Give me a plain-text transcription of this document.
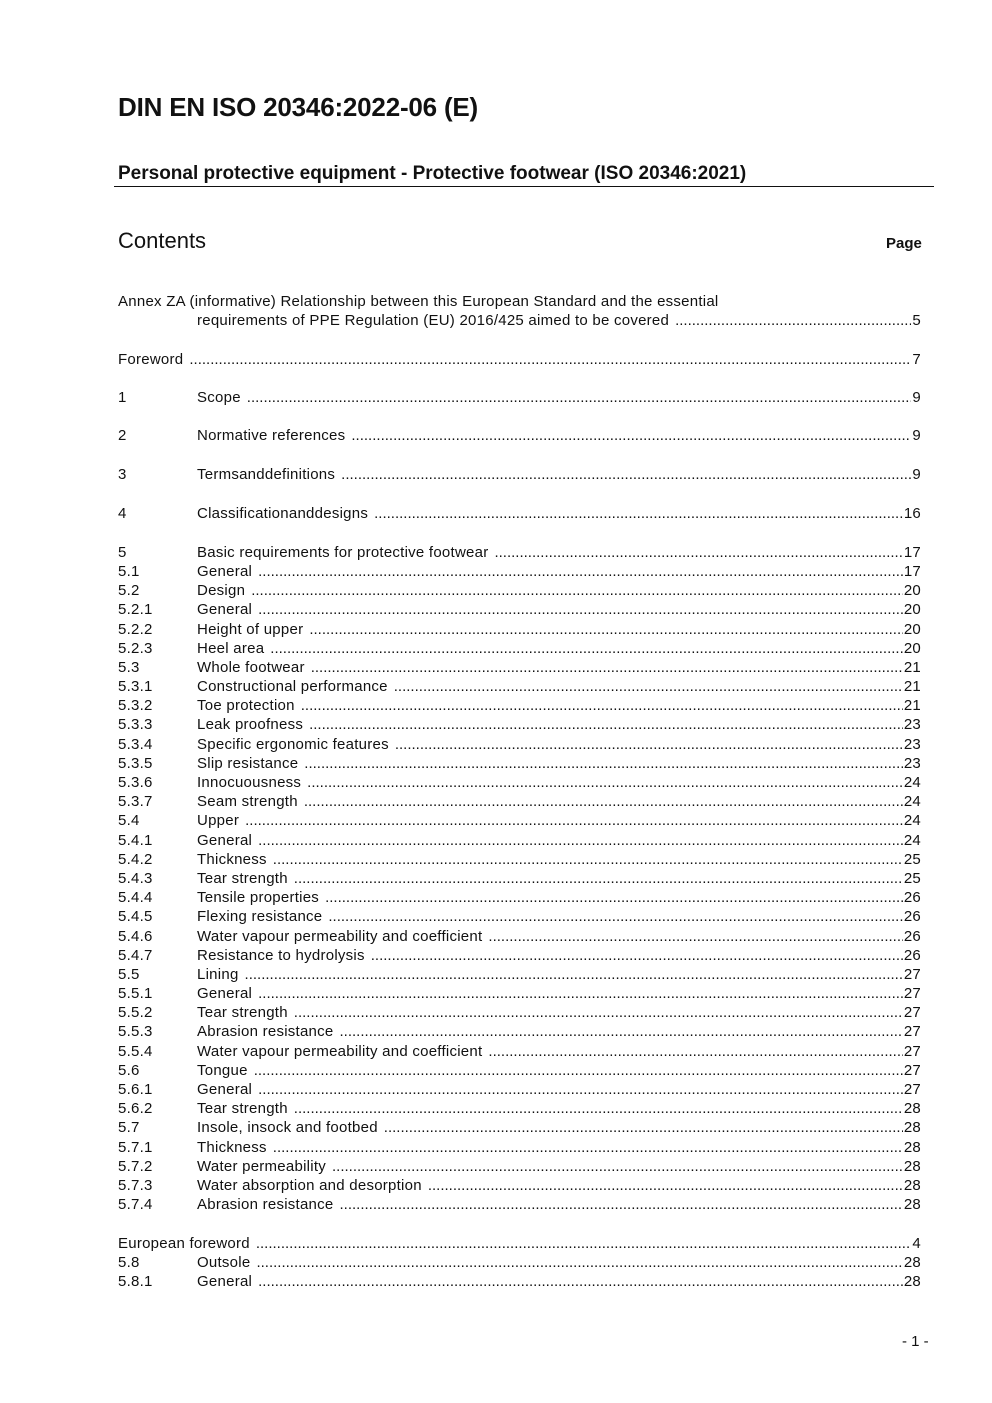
DIN EN ISO 20346:2022-06 (E)
Personal protective equipment - Protective footwear (ISO 20346:2021)
Contents	Page
Annex ZA (informative) Relationship between this European Standard and the essential
requirements of PPE Regulation (EU) 2016/425 aimed to be covered .....	5
Foreword .....	7
1	Scope .....	9
2	Normative references .....	9
3	Termsanddefinitions .....	9
4	Classificationanddesigns .....	16
5	Basic requirements for protective footwear .....	17
5.1	General .....	17
5.2	Design .....	20
5.2.1	General .....	20
5.2.2	Height of upper .....	20
5.2.3	Heel area .....	20
5.3	Whole footwear .....	21
5.3.1	Constructional performance .....	21
5.3.2	Toe protection .....	21
5.3.3	Leak proofness .....	23
5.3.4	Specific ergonomic features .....	23
5.3.5	Slip resistance .....	23
5.3.6	Innocuousness .....	24
5.3.7	Seam strength .....	24
5.4	Upper .....	24
5.4.1	General .....	24
5.4.2	Thickness .....	25
5.4.3	Tear strength .....	25
5.4.4	Tensile properties .....	26
5.4.5	Flexing resistance .....	26
5.4.6	Water vapour permeability and coefficient .....	26
5.4.7	Resistance to hydrolysis .....	26
5.5	Lining .....	27
5.5.1	General .....	27
5.5.2	Tear strength .....	27
5.5.3	Abrasion resistance .....	27
5.5.4	Water vapour permeability and coefficient .....	27
5.6	Tongue .....	27
5.6.1	General .....	27
5.6.2	Tear strength .....	28
5.7	Insole, insock and footbed .....	28
5.7.1	Thickness .....	28
5.7.2	Water permeability .....	28
5.7.3	Water absorption and desorption .....	28
5.7.4	Abrasion resistance .....	28
European foreword .....	4
5.8	Outsole .....	28
5.8.1	General .....	28
- 1 -
